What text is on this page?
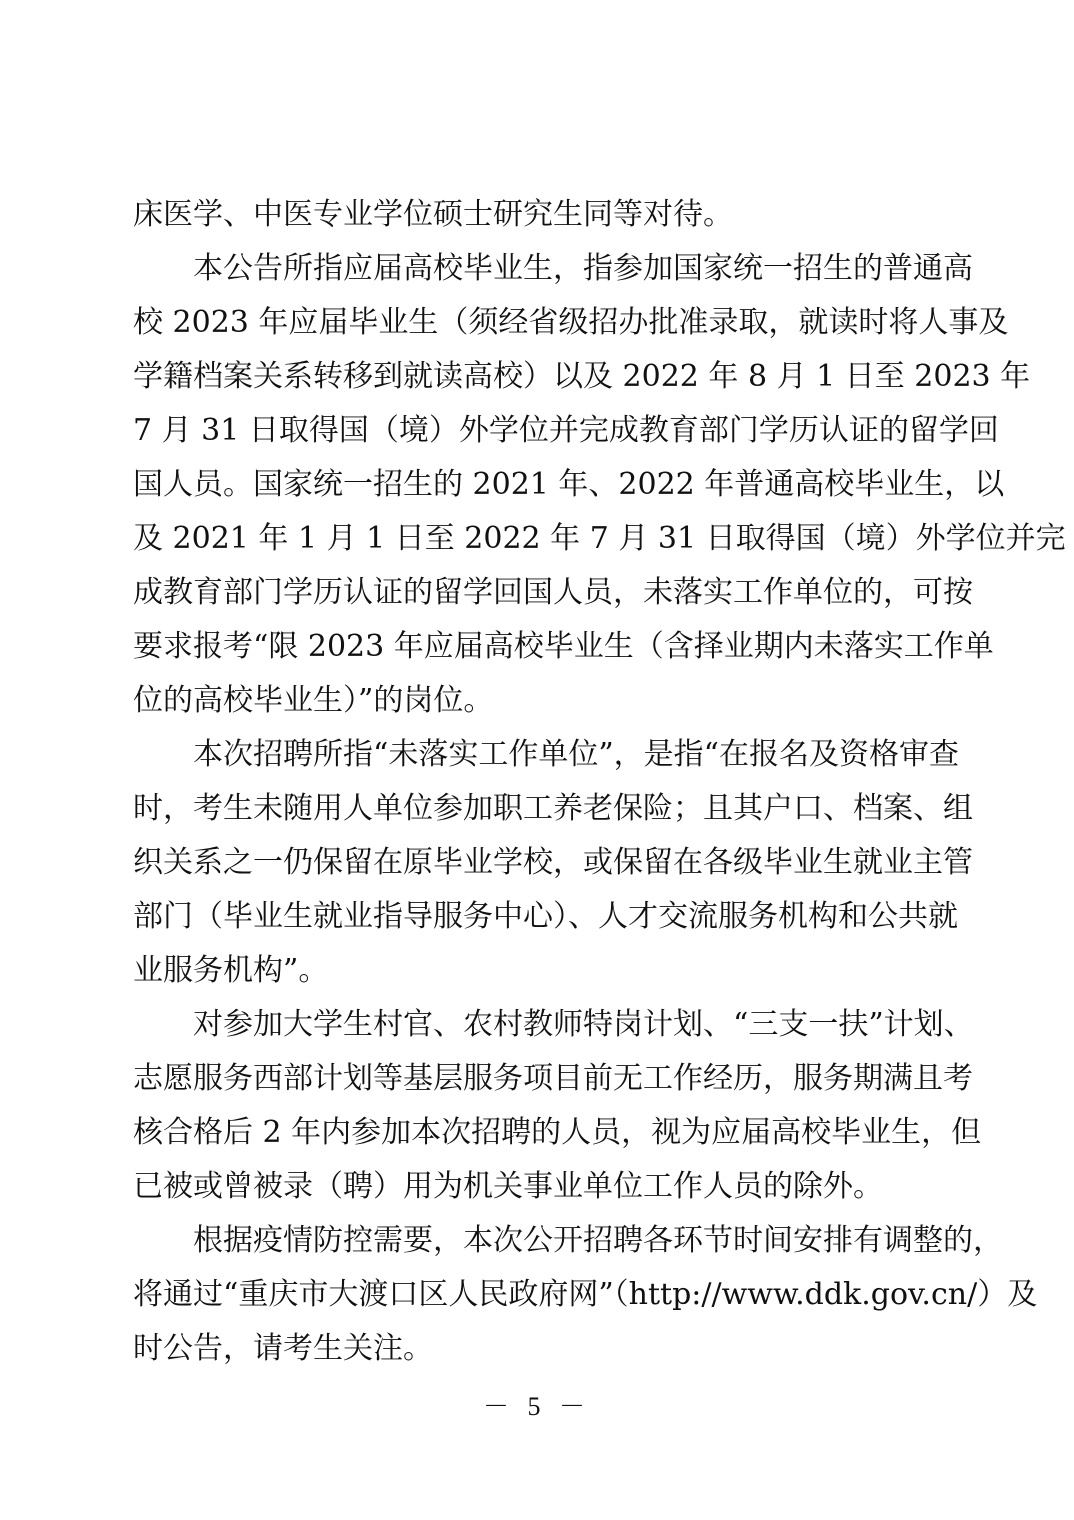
床医学、中医专业学位硕士研究生同等对待。
本公告所指应届高校毕业生，指参加国家统一招生的普通高
校 2023 年应届毕业生（须经省级招办批准录取，就读时将人事及
学籍档案关系转移到就读高校）以及 2022 年 8 月 1 日至 2023 年
7 月 31 日取得国（境）外学位并完成教育部门学历认证的留学回
国人员。国家统一招生的 2021 年、2022 年普通高校毕业生，以
及 2021 年 1 月 1 日至 2022 年 7 月 31 日取得国（境）外学位并完
成教育部门学历认证的留学回国人员，未落实工作单位的，可按
要求报考“限 2023 年应届高校毕业生（含择业期内未落实工作单
位的高校毕业生）”的岗位。
本次招聘所指“未落实工作单位”，是指“在报名及资格审查
时，考生未随用人单位参加职工养老保险；且其户口、档案、组
织关系之一仍保留在原毕业学校，或保留在各级毕业生就业主管
部门（毕业生就业指导服务中心）、人才交流服务机构和公共就
业服务机构”。
对参加大学生村官、农村教师特岗计划、“三支一扶”计划、
志愿服务西部计划等基层服务项目前无工作经历，服务期满且考
核合格后 2 年内参加本次招聘的人员，视为应届高校毕业生，但
已被或曾被录（聘）用为机关事业单位工作人员的除外。
根据疫情防控需要，本次公开招聘各环节时间安排有调整的，
将通过“重庆市大渡口区人民政府网”（http://www.ddk.gov.cn/）及
时公告，请考生关注。
－ 5 －
